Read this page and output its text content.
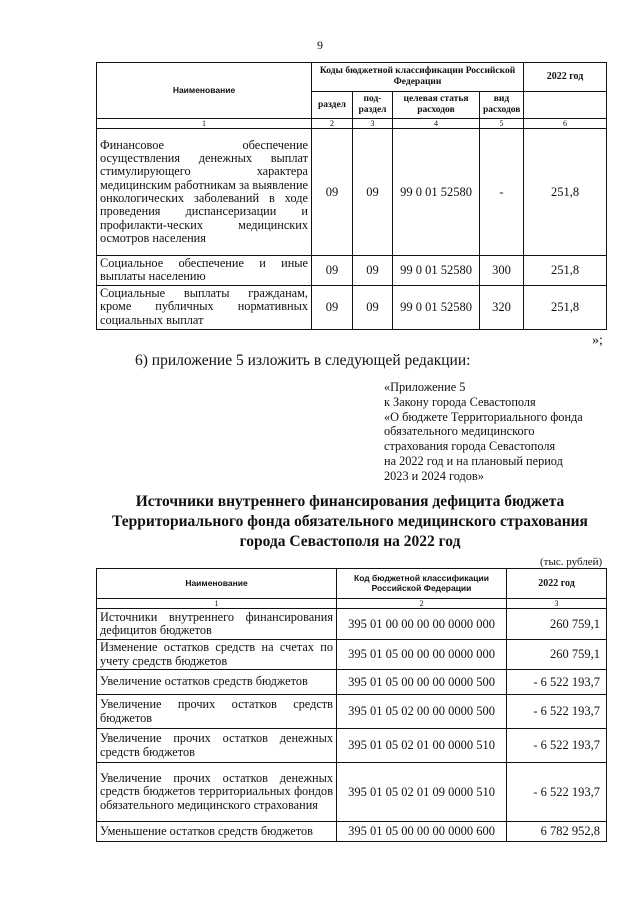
9
Наименование	Коды бюджетной классификации Российской Федерации				2022 год
	раздел	под-раздел	целевая статья расходов	вид расходов	
1	2	3	4	5	6
Финансовое обеспечение осуществления денежных выплат стимулирующего характера медицинским работникам за выявление онкологических заболеваний в ходе проведения диспансеризации и профилакти-ческих медицинских осмотров населения	09	09	99 0 01 52580	-	251,8
Социальное обеспечение и иные выплаты населению	09	09	99 0 01 52580	300	251,8
Социальные выплаты гражданам, кроме публичных нормативных социальных выплат	09	09	99 0 01 52580	320	251,8
»;
6) приложение 5 изложить в следующей редакции:
«Приложение 5
к Закону города Севастополя
«О бюджете Территориального фонда
обязательного медицинского
страхования города Севастополя
на 2022 год и на плановый период
2023 и 2024 годов»
Источники внутреннего финансирования дефицита бюджета
Территориального фонда обязательного медицинского страхования
города Севастополя на 2022 год
(тыс. рублей)
Наименование	Код бюджетной классификации Российской Федерации	2022 год
1	2	3
Источники внутреннего финансирования дефицитов бюджетов	395 01 00 00 00 00 0000 000	260 759,1
Изменение остатков средств на счетах по учету средств бюджетов	395 01 05 00 00 00 0000 000	260 759,1
Увеличение остатков средств бюджетов	395 01 05 00 00 00 0000 500	- 6 522 193,7
Увеличение прочих остатков средств бюджетов	395 01 05 02 00 00 0000 500	- 6 522 193,7
Увеличение прочих остатков денежных средств бюджетов	395 01 05 02 01 00 0000 510	- 6 522 193,7
Увеличение прочих остатков денежных средств бюджетов территориальных фондов обязательного медицинского страхования	395 01 05 02 01 09 0000 510	- 6 522 193,7
Уменьшение остатков средств бюджетов	395 01 05 00 00 00 0000 600	6 782 952,8
